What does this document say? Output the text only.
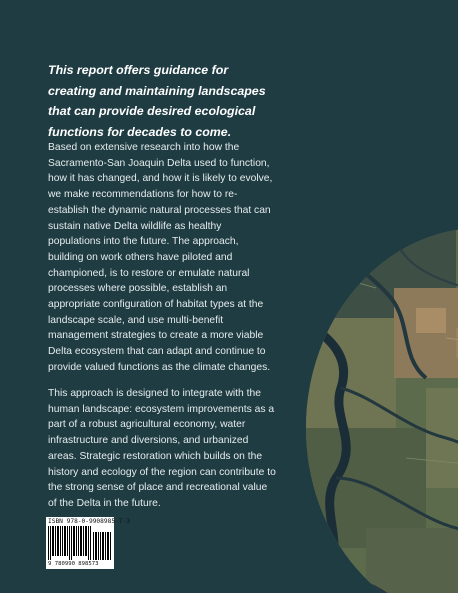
This report offers guidance for creating and maintaining landscapes that can provide desired ecological functions for decades to come.

Based on extensive research into how the Sacramento-San Joaquin Delta used to function, how it has changed, and how it is likely to evolve, we make recommendations for how to re-establish the dynamic natural processes that can sustain native Delta wildlife as healthy populations into the future. The approach, building on work others have piloted and championed, is to restore or emulate natural processes where possible, establish an appropriate configuration of habitat types at the landscape scale, and use multi-benefit management strategies to create a more viable Delta ecosystem that can adapt and continue to provide valued functions as the climate changes.

This approach is designed to integrate with the human landscape: ecosystem improvements as a part of a robust agricultural economy, water infrastructure and diversions, and urbanized areas. Strategic restoration which builds on the history and ecology of the region can contribute to the strong sense of place and recreational value of the Delta in the future.

ISBN 978-0-9908985-7-3
9 780990 898573
